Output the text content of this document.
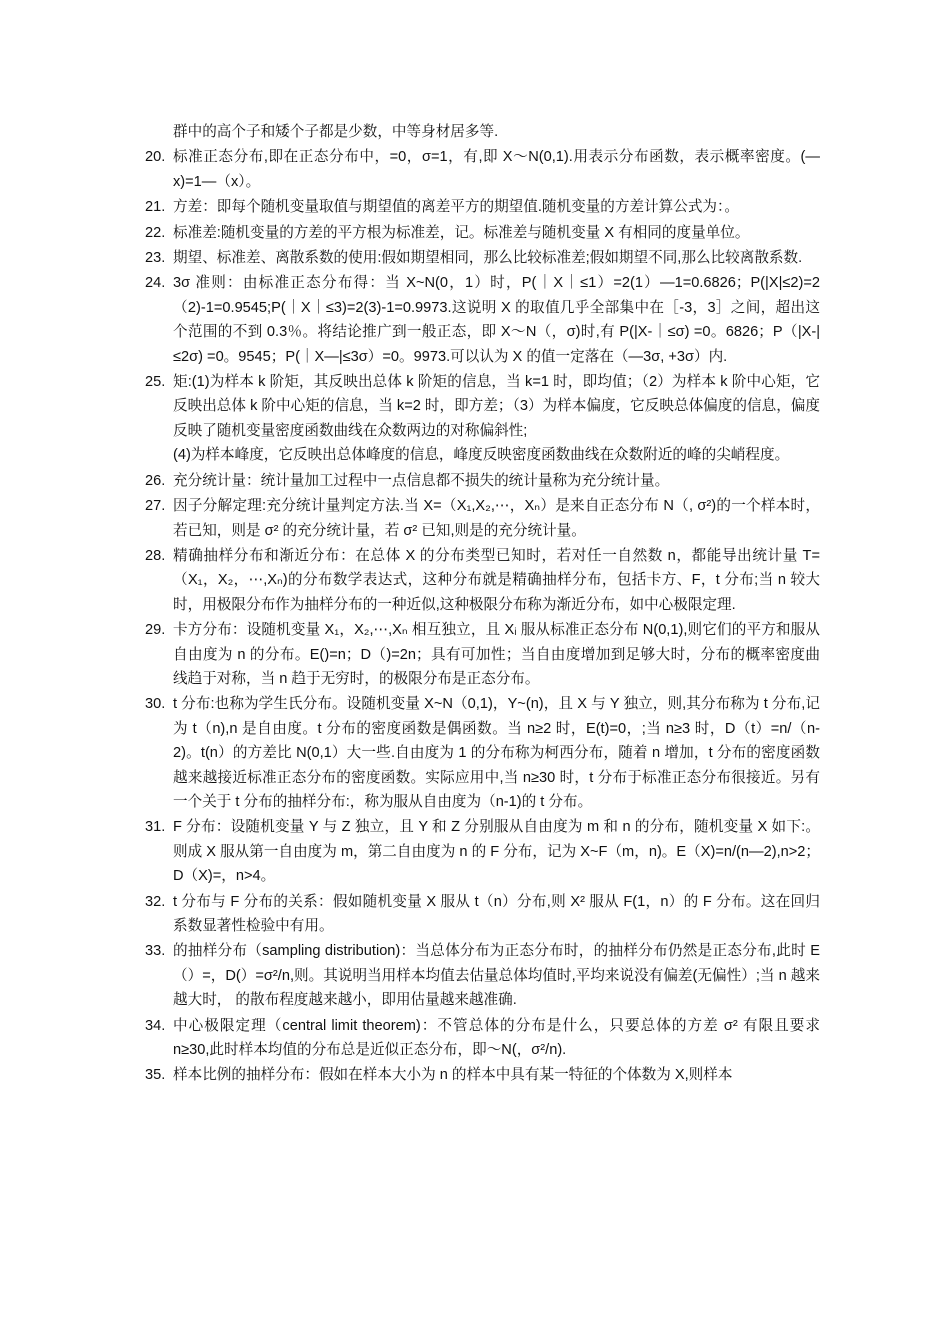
群中的高个子和矮个子都是少数，中等身材居多等.
20. 标准正态分布,即在正态分布中，=0，σ=1，有,即 X～N(0,1).用表示分布函数，表示概率密度。(—x)=1—（x）。

21. 方差：即每个随机变量取值与期望值的离差平方的期望值.随机变量的方差计算公式为：。

22. 标准差:随机变量的方差的平方根为标准差，记。标准差与随机变量 X 有相同的度量单位。

23. 期望、标准差、离散系数的使用:假如期望相同，那么比较标准差;假如期望不同,那么比较离散系数.

24. 3σ 准则：由标准正态分布得：当 X~N(0，1）时，P(｜X｜≤1）=2(1）—1=0.6826；P(|X|≤2)=2（2)-1=0.9545;P(｜X｜≤3)=2(3)-1=0.9973.这说明 X 的取值几乎全部集中在［-3，3］之间，超出这个范围的不到 0.3％。将结论推广到一般正态，即 X～N（，σ)时,有 P(|X-｜≤σ) =0。6826；P（|X-|≤2σ) =0。9545；P(｜X—|≤3σ）=0。9973.可以认为 X 的值一定落在（—3σ, +3σ）内.

25. 矩:(1)为样本 k 阶矩，其反映出总体 k 阶矩的信息，当 k=1 时，即均值；（2）为样本 k 阶中心矩，它反映出总体 k 阶中心矩的信息，当 k=2 时，即方差；（3）为样本偏度，它反映总体偏度的信息，偏度反映了随机变量密度函数曲线在众数两边的对称偏斜性;

(4)为样本峰度，它反映出总体峰度的信息，峰度反映密度函数曲线在众数附近的峰的尖峭程度。

26. 充分统计量：统计量加工过程中一点信息都不损失的统计量称为充分统计量。

27. 因子分解定理:充分统计量判定方法.当 X=（X₁,X₂,⋯，Xₙ）是来自正态分布 N（, σ²)的一个样本时，若已知，则是 σ² 的充分统计量，若 σ² 已知,则是的充分统计量。

28. 精确抽样分布和渐近分布：在总体 X 的分布类型已知时，若对任一自然数 n，都能导出统计量 T=（X₁，X₂，⋯,Xₙ)的分布数学表达式，这种分布就是精确抽样分布，包括卡方、F，t 分布;当 n 较大时，用极限分布作为抽样分布的一种近似,这种极限分布称为渐近分布，如中心极限定理.

29. 卡方分布：设随机变量 X₁，X₂,⋯,Xₙ 相互独立，且 Xᵢ 服从标准正态分布 N(0,1),则它们的平方和服从自由度为 n 的分布。E()=n；D（)=2n；具有可加性；当自由度增加到足够大时，分布的概率密度曲线趋于对称，当 n 趋于无穷时，的极限分布是正态分布。

30. t 分布:也称为学生氏分布。设随机变量 X~N（0,1)，Y~(n)，且 X 与 Y 独立，则,其分布称为 t 分布,记为 t（n),n 是自由度。t 分布的密度函数是偶函数。当 n≥2 时，E(t)=0，;当 n≥3 时，D（t）=n/（n-2)。t(n）的方差比 N(0,1）大一些.自由度为 1 的分布称为柯西分布，随着 n 增加，t 分布的密度函数越来越接近标准正态分布的密度函数。实际应用中,当 n≥30 时，t 分布于标准正态分布很接近。另有一个关于 t 分布的抽样分布:，称为服从自由度为（n-1)的 t 分布。

31. F 分布：设随机变量 Y 与 Z 独立，且 Y 和 Z 分别服从自由度为 m 和 n 的分布，随机变量 X 如下:。则成 X 服从第一自由度为 m，第二自由度为 n 的 F 分布，记为 X~F（m，n)。E（X)=n/(n—2),n>2；D（X)=，n>4。

32. t 分布与 F 分布的关系：假如随机变量 X 服从 t（n）分布,则 X² 服从 F(1，n）的 F 分布。这在回归系数显著性检验中有用。

33. 的抽样分布（sampling distribution)：当总体分布为正态分布时，的抽样分布仍然是正态分布,此时 E（）=，D(）=σ²/n,则。其说明当用样本均值去估量总体均值时,平均来说没有偏差(无偏性）;当 n 越来越大时， 的散布程度越来越小，即用估量越来越准确.

34. 中心极限定理（central limit theorem)：不管总体的分布是什么，只要总体的方差 σ² 有限且要求 n≥30,此时样本均值的分布总是近似正态分布，即～N(，σ²/n).

35. 样本比例的抽样分布：假如在样本大小为 n 的样本中具有某一特征的个体数为 X,则样本
